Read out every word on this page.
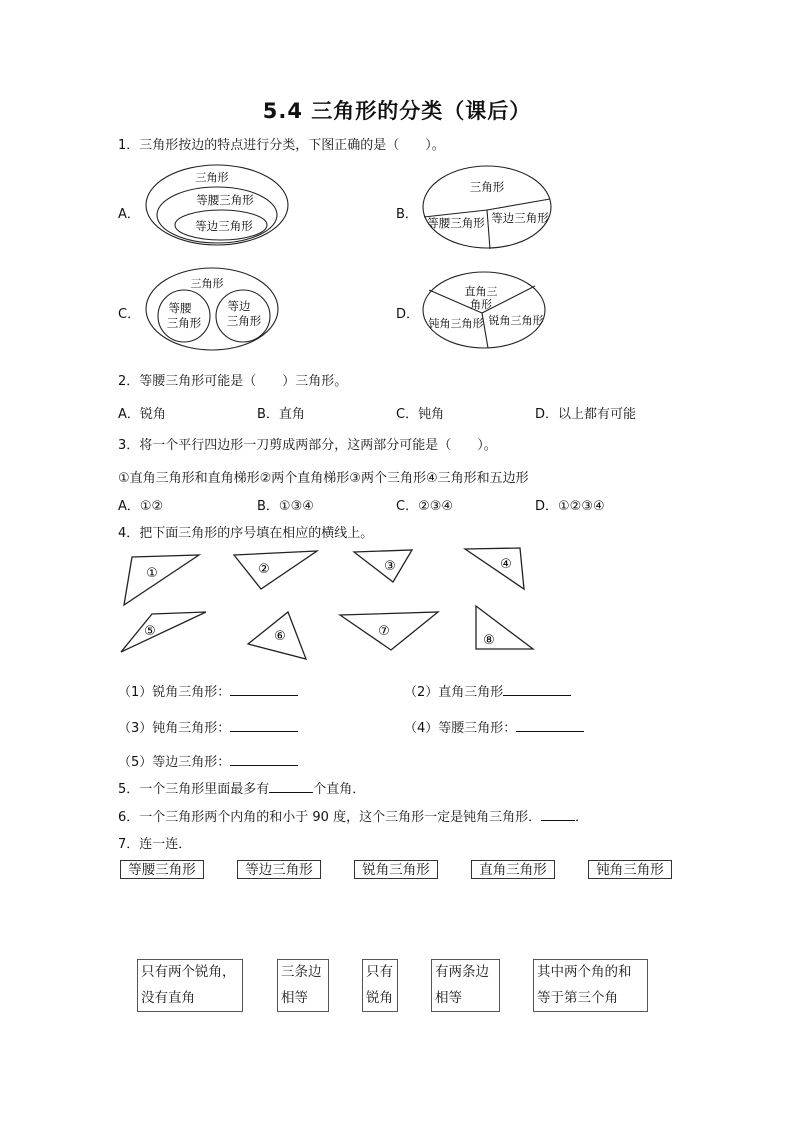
5.4 三角形的分类（课后）
1．三角形按边的特点进行分类，下图正确的是（　　）。
A．
三角形
等腰三角形
等边三角形
B．
三角形
等腰三角形 等边三角形
C．
三角形
等腰
三角形
等边
三角形	D．
直角三
角形
钝角三角形 锐角三角形
2．等腰三角形可能是（　　）三角形。
A．锐角	B．直角	C．钝角	D．以上都有可能
3．将一个平行四边形一刀剪成两部分，这两部分可能是（　　）。
①直角三角形和直角梯形②两个直角梯形③两个三角形④三角形和五边形
A．①②	B．①③④	C．②③④	D．①②③④
4．把下面三角形的序号填在相应的横线上。
①	②	③	④
⑤	⑥	⑦
⑧
（1）锐角三角形：	（2）直角三角形
（3）钝角三角形：	（4）等腰三角形：
（5）等边三角形：
5．一个三角形里面最多有	个直角．
6．一个三角形两个内角的和小于 90 度，这个三角形一定是钝角三角形．	．
7．连一连．
等腰三角形	等边三角形	锐角三角形	直角三角形	钝角三角形
只有两个锐角，
没有直角
三条边
相等
只有
锐角
有两条边
相等
其中两个角的和
等于第三个角
